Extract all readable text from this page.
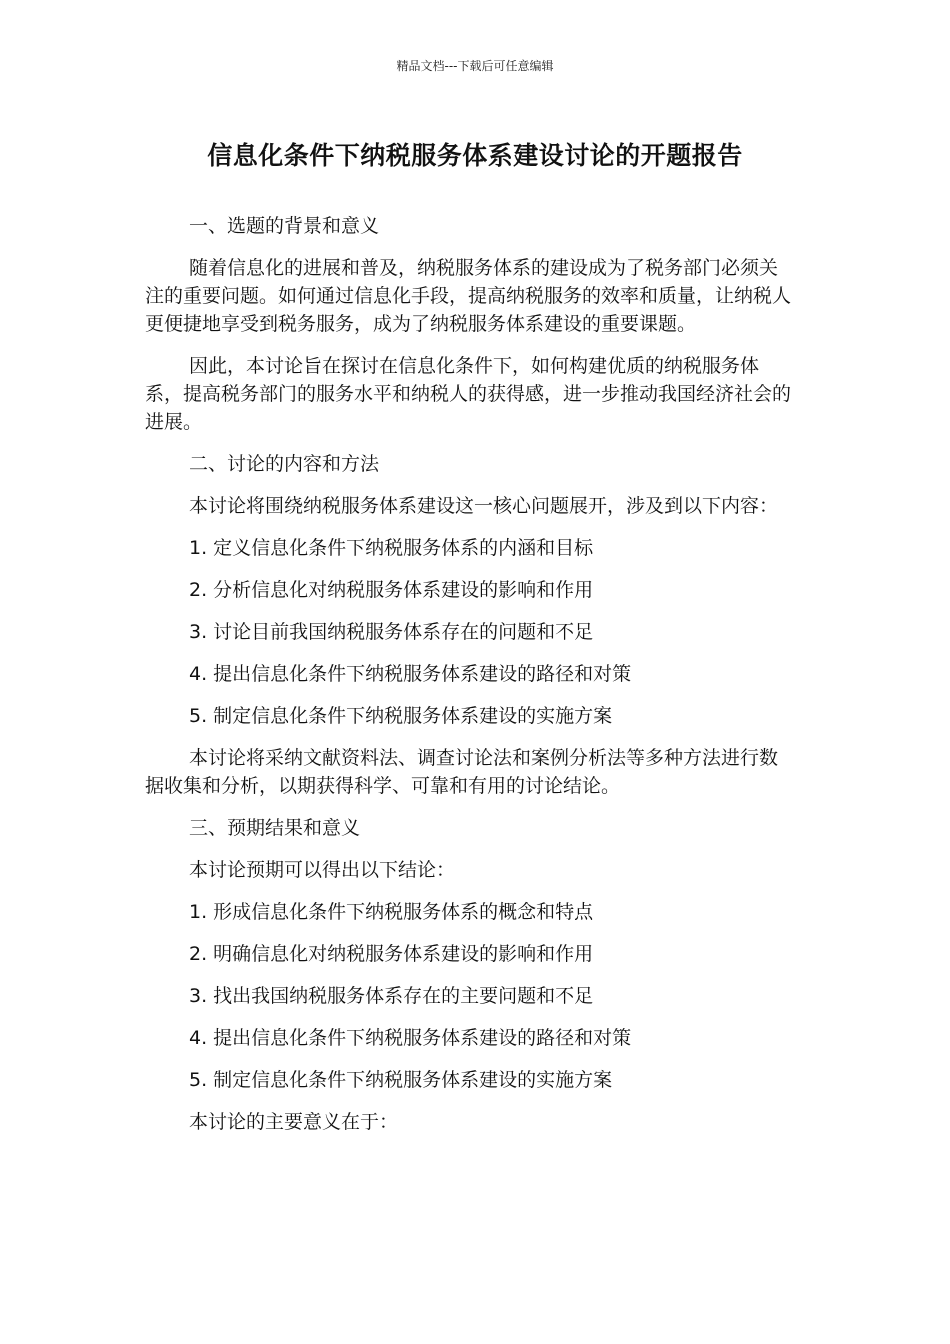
精品文档---下载后可任意编辑
信息化条件下纳税服务体系建设讨论的开题报告

一、选题的背景和意义

随着信息化的进展和普及，纳税服务体系的建设成为了税务部门必须关注的重要问题。如何通过信息化手段，提高纳税服务的效率和质量，让纳税人更便捷地享受到税务服务，成为了纳税服务体系建设的重要课题。

因此，本讨论旨在探讨在信息化条件下，如何构建优质的纳税服务体系，提高税务部门的服务水平和纳税人的获得感，进一步推动我国经济社会的进展。

二、讨论的内容和方法

本讨论将围绕纳税服务体系建设这一核心问题展开，涉及到以下内容：

1. 定义信息化条件下纳税服务体系的内涵和目标

2. 分析信息化对纳税服务体系建设的影响和作用

3. 讨论目前我国纳税服务体系存在的问题和不足

4. 提出信息化条件下纳税服务体系建设的路径和对策

5. 制定信息化条件下纳税服务体系建设的实施方案

本讨论将采纳文献资料法、调查讨论法和案例分析法等多种方法进行数据收集和分析，以期获得科学、可靠和有用的讨论结论。

三、预期结果和意义

本讨论预期可以得出以下结论：

1. 形成信息化条件下纳税服务体系的概念和特点

2. 明确信息化对纳税服务体系建设的影响和作用

3. 找出我国纳税服务体系存在的主要问题和不足

4. 提出信息化条件下纳税服务体系建设的路径和对策

5. 制定信息化条件下纳税服务体系建设的实施方案

本讨论的主要意义在于：
